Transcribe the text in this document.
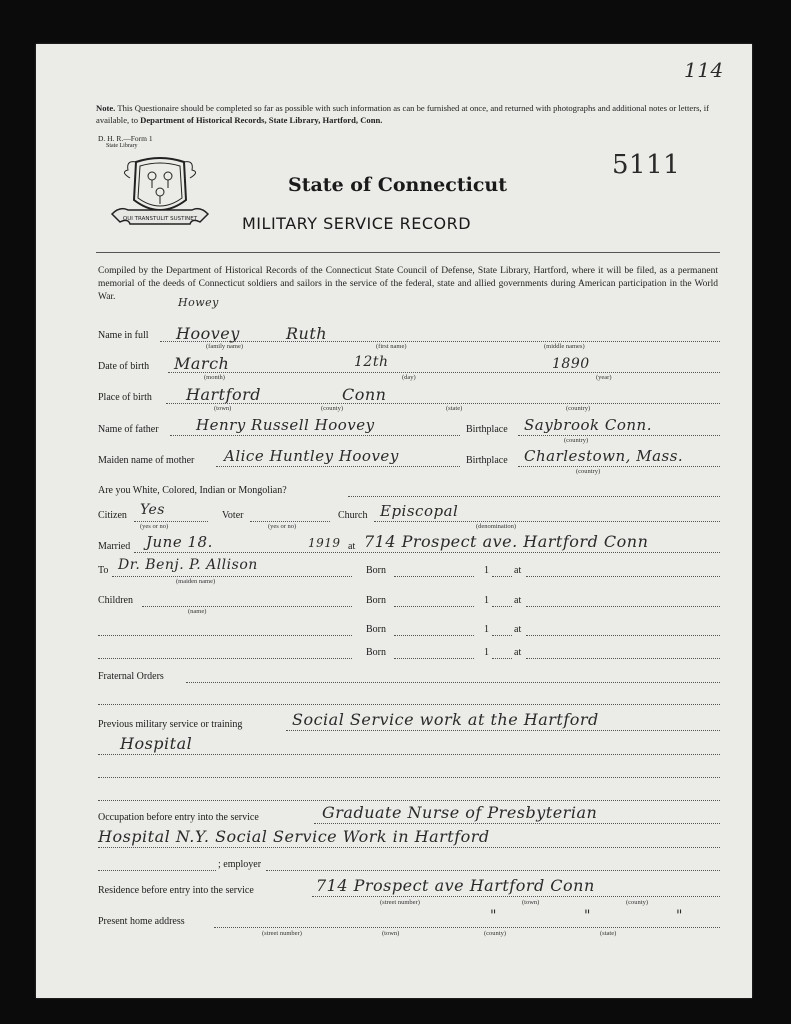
114
5111
Note. This Questionaire should be completed so far as possible with such information as can be furnished at once, and returned with photographs and additional notes or letters, if available, to Department of Historical Records, State Library, Hartford, Conn.
D. H. R.—Form 1
State Library
QUI TRANSTULIT SUSTINET
State of Connecticut
MILITARY SERVICE RECORD
Compiled by the Department of Historical Records of the Connecticut State Council of Defense, State Library, Hartford, where it will be filed, as a permanent memorial of the deeds of Connecticut soldiers and sailors in the service of the federal, state and allied governments during American participation in the World War.	Howey
Name in full Hoovey	Ruth
(family name)	(first name)	(middle names)
Date of birth March	12th	1890
(month)	(day)	(year)
Place of birth Hartford	Conn
(town)	(county)	(state)	(country)
Name of father Henry Russell Hoovey	Birthplace Saybrook Conn.
(country)
Maiden name of mother Alice Huntley Hoovey	Birthplace Charlestown, Mass.
(country)
Are you White, Colored, Indian or Mongolian?
Citizen Yes
(yes or no)
Voter
(yes or no)
Church Episcopal
(denomination)
Married June 18.	1919 at 714 Prospect ave. Hartford Conn
To Dr. Benj. P. Allison
(maiden name)
Born	1	at
Children
(name)
Born	1	at
Born	1	at
Born	1	at
Fraternal Orders
Previous military service or training	Social Service work at the Hartford
Hospital
Occupation before entry into the service	Graduate Nurse of Presbyterian
Hospital N.Y. Social Service Work in Hartford
; employer
Residence before entry into the service	714 Prospect ave Hartford Conn
(street number)	(town)	(county)
Present home address	"	"	"
(street number)	(town)	(county)	(state)
